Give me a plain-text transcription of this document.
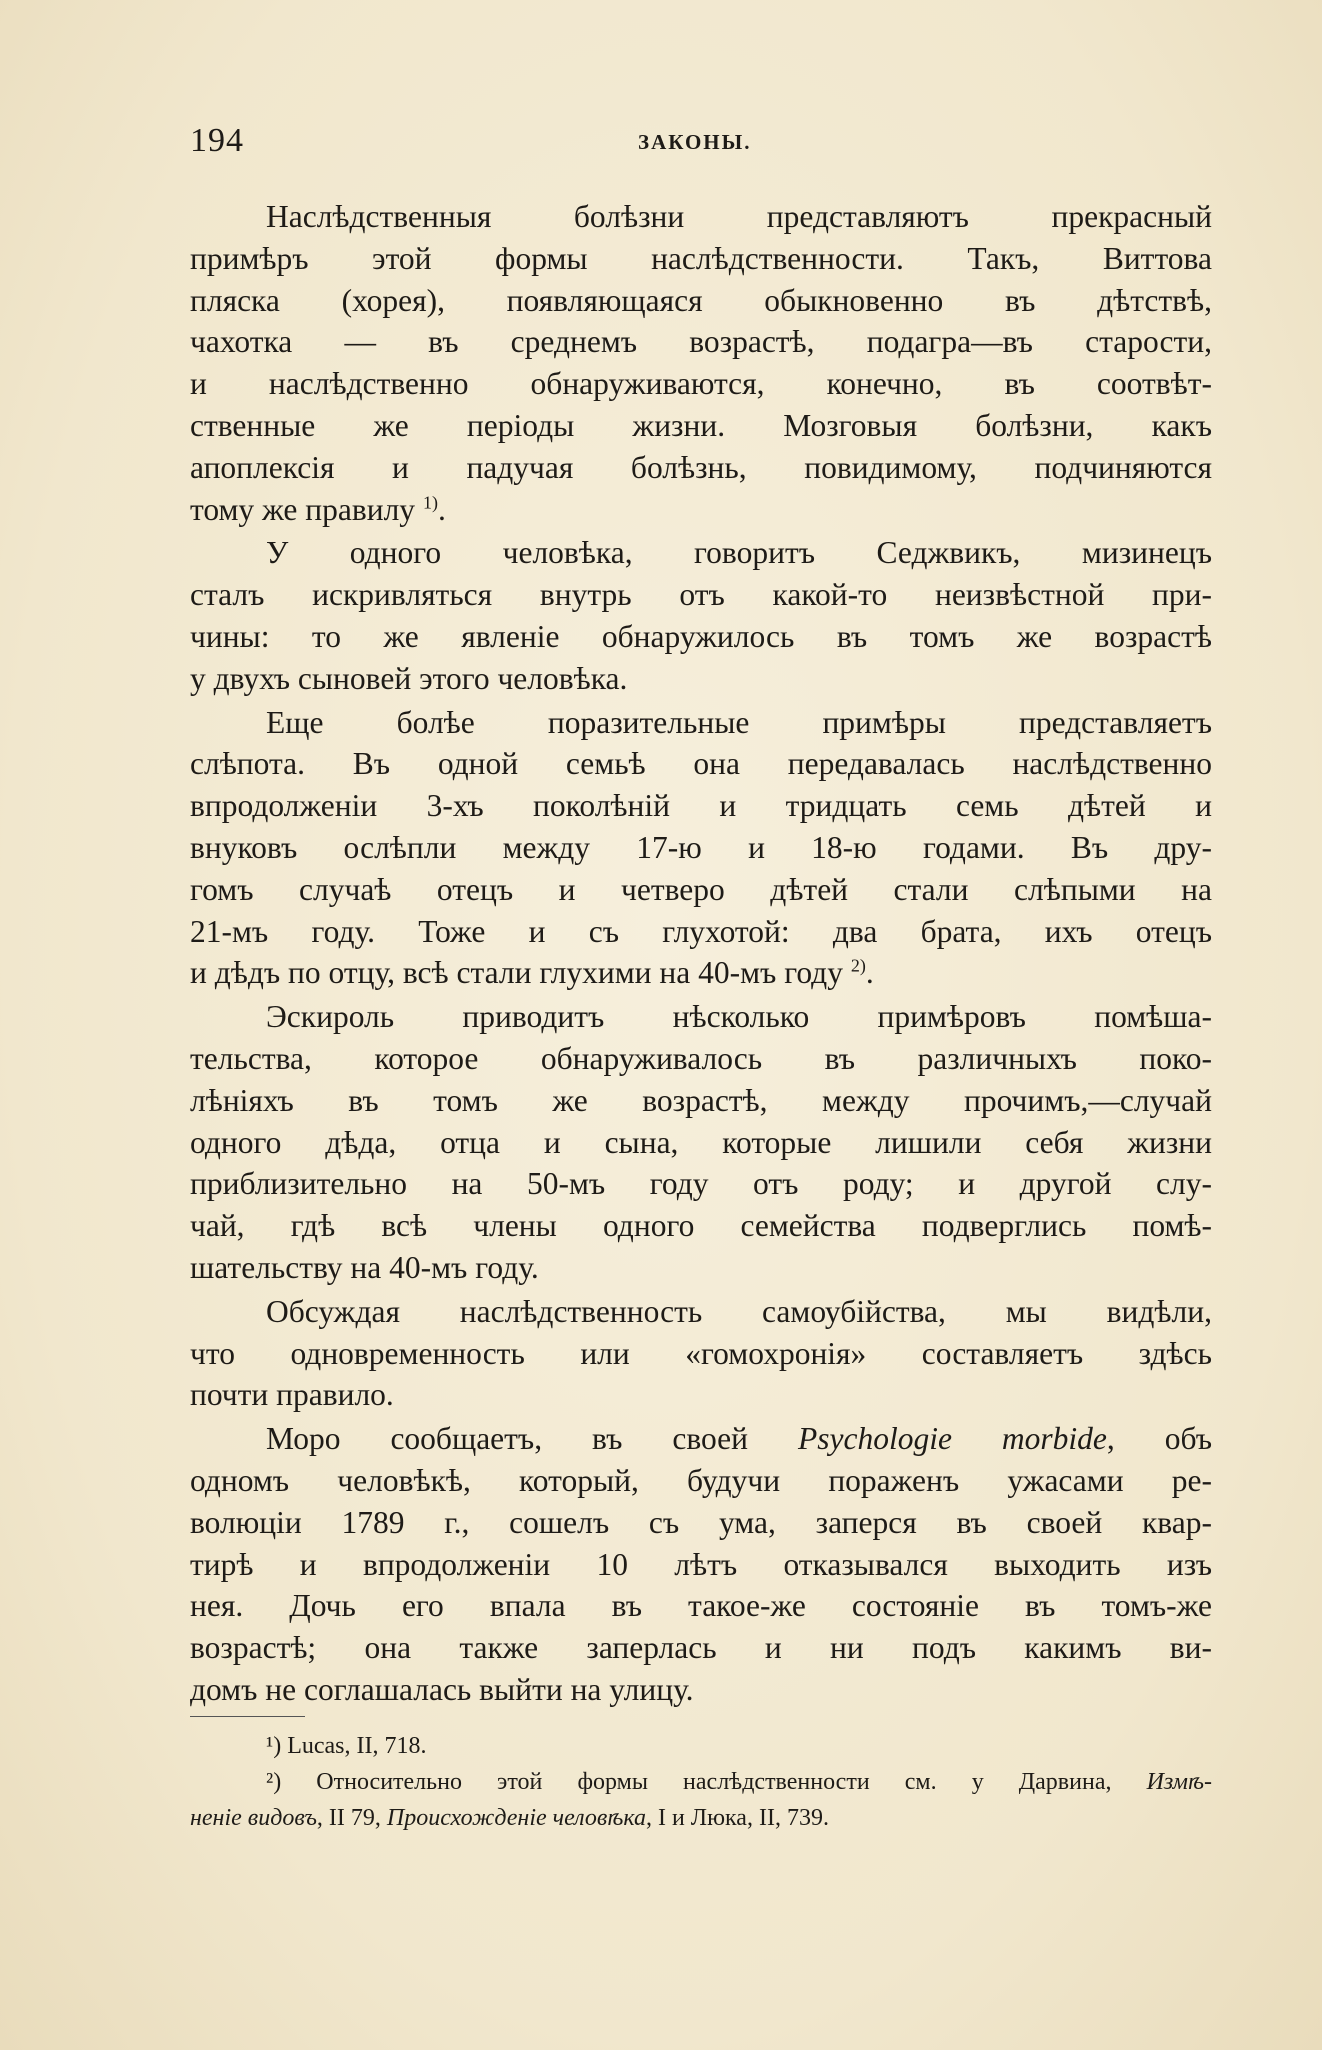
194	ЗАКОНЫ.

Наслѣдственныя болѣзни представляютъ прекрасный
примѣръ этой формы наслѣдственности. Такъ, Виттова
пляска (хорея), появляющаяся обыкновенно въ дѣтствѣ,
чахотка — въ среднемъ возрастѣ, подагра—въ старости,
и наслѣдственно обнаруживаются, конечно, въ соотвѣт-
ственные же періоды жизни. Мозговыя болѣзни, какъ
апоплексія и падучая болѣзнь, повидимому, подчиняются
тому же правилу $^{1)}$.

У одного человѣка, говоритъ Седжвикъ, мизинецъ
сталъ искривляться внутрь отъ какой-то неизвѣстной при-
чины: то же явленіе обнаружилось въ томъ же возрастѣ
у двухъ сыновей этого человѣка.

Еще болѣе поразительные примѣры представляетъ
слѣпота. Въ одной семьѣ она передавалась наслѣдственно
впродолженіи 3-хъ поколѣній и тридцать семь дѣтей и
внуковъ ослѣпли между 17-ю и 18-ю годами. Въ дру-
гомъ случаѣ отецъ и четверо дѣтей стали слѣпыми на
21-мъ году. Тоже и съ глухотой: два брата, ихъ отецъ
и дѣдъ по отцу, всѣ стали глухими на 40-мъ году $^{2)}$.

Эскироль приводитъ нѣсколько примѣровъ помѣша-
тельства, которое обнаруживалось въ различныхъ поко-
лѣніяхъ въ томъ же возрастѣ, между прочимъ,—случай
одного дѣда, отца и сына, которые лишили себя жизни
приблизительно на 50-мъ году отъ роду; и другой слу-
чай, гдѣ всѣ члены одного семейства подверглись помѣ-
шательству на 40-мъ году.

Обсуждая наслѣдственность самоубійства, мы видѣли,
что одновременность или «гомохронія» составляетъ здѣсь
почти правило.

Моро сообщаетъ, въ своей Psychologie morbide, объ
одномъ человѣкѣ, который, будучи пораженъ ужасами ре-
волюціи 1789 г., сошелъ съ ума, заперся въ своей квар-
тирѣ и впродолженіи 10 лѣтъ отказывался выходить изъ
нея. Дочь его впала въ такое-же состояніе въ томъ-же
возрастѣ; она также заперлась и ни подъ какимъ ви-
домъ не соглашалась выйти на улицу.

¹) Lucas, II, 718.
²) Относительно этой формы наслѣдственности см. у Дарвина, Измѣ-
неніе видовъ, II 79, Происхожденіе человѣка, I и Люка, II, 739.
